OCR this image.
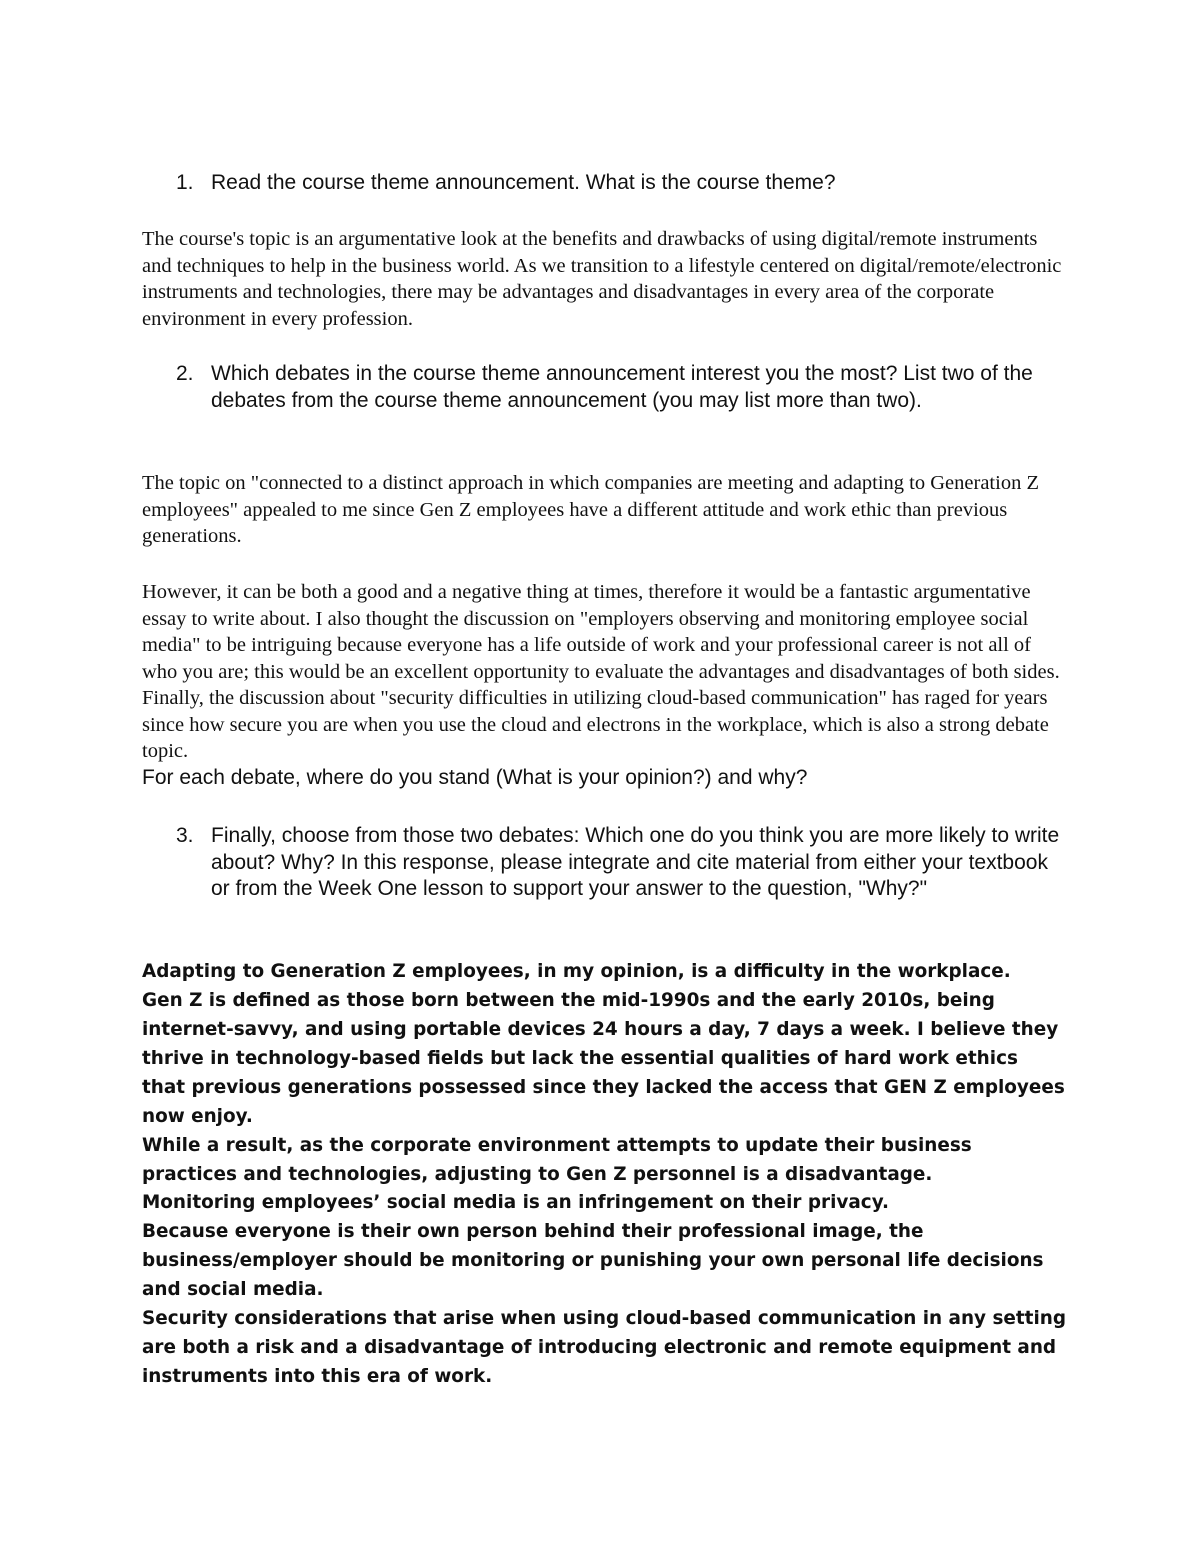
1. Read the course theme announcement. What is the course theme?

The course's topic is an argumentative look at the benefits and drawbacks of using digital/remote instruments and techniques to help in the business world. As we transition to a lifestyle centered on digital/remote/electronic instruments and technologies, there may be advantages and disadvantages in every area of the corporate environment in every profession.

2. Which debates in the course theme announcement interest you the most? List two of the debates from the course theme announcement (you may list more than two).

The topic on "connected to a distinct approach in which companies are meeting and adapting to Generation Z employees" appealed to me since Gen Z employees have a different attitude and work ethic than previous generations.

However, it can be both a good and a negative thing at times, therefore it would be a fantastic argumentative essay to write about. I also thought the discussion on "employers observing and monitoring employee social media" to be intriguing because everyone has a life outside of work and your professional career is not all of who you are; this would be an excellent opportunity to evaluate the advantages and disadvantages of both sides. Finally, the discussion about "security difficulties in utilizing cloud-based communication" has raged for years since how secure you are when you use the cloud and electrons in the workplace, which is also a strong debate topic.

For each debate, where do you stand (What is your opinion?) and why?

3. Finally, choose from those two debates: Which one do you think you are more likely to write about? Why? In this response, please integrate and cite material from either your textbook or from the Week One lesson to support your answer to the question, "Why?"

Adapting to Generation Z employees, in my opinion, is a difficulty in the workplace.

Gen Z is defined as those born between the mid-1990s and the early 2010s, being internet-savvy, and using portable devices 24 hours a day, 7 days a week. I believe they thrive in technology-based fields but lack the essential qualities of hard work ethics that previous generations possessed since they lacked the access that GEN Z employees now enjoy.

While a result, as the corporate environment attempts to update their business practices and technologies, adjusting to Gen Z personnel is a disadvantage.

Monitoring employees’ social media is an infringement on their privacy.

Because everyone is their own person behind their professional image, the business/employer should be monitoring or punishing your own personal life decisions and social media.

Security considerations that arise when using cloud-based communication in any setting are both a risk and a disadvantage of introducing electronic and remote equipment and instruments into this era of work.
